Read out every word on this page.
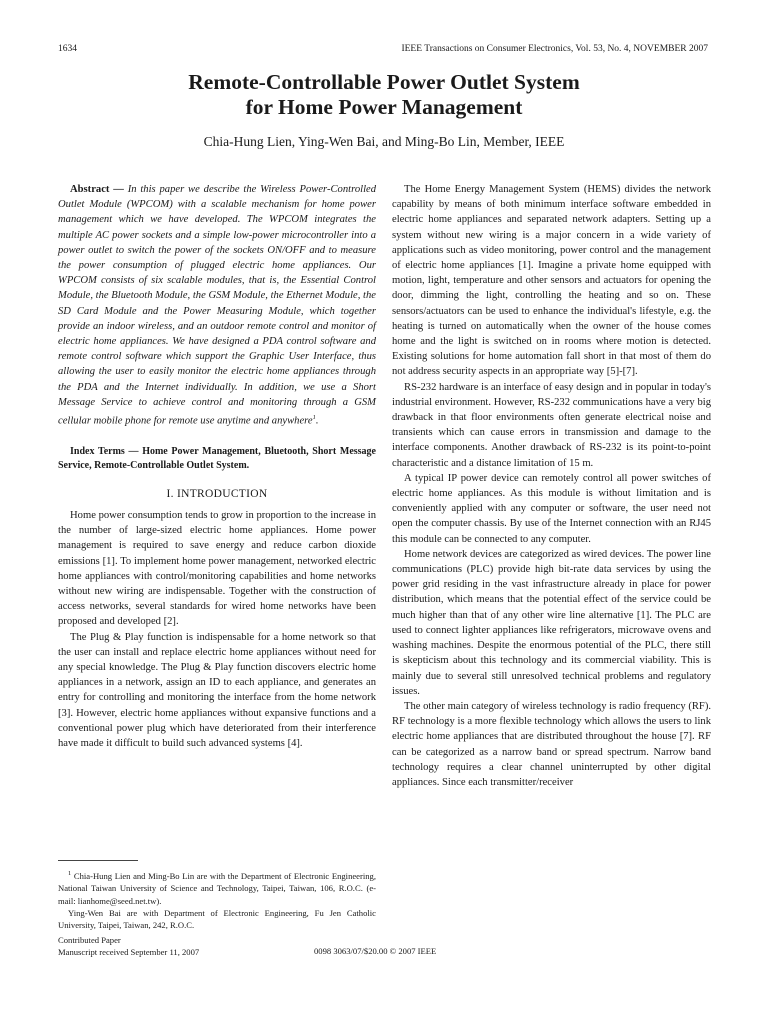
1634	IEEE Transactions on Consumer Electronics, Vol. 53, No. 4, NOVEMBER 2007
Remote-Controllable Power Outlet System
for Home Power Management
Chia-Hung Lien, Ying-Wen Bai, and Ming-Bo Lin, Member, IEEE

Abstract — In this paper we describe the Wireless Power-Controlled Outlet Module (WPCOM) with a scalable mechanism for home power management which we have developed. The WPCOM integrates the multiple AC power sockets and a simple low-power microcontroller into a power outlet to switch the power of the sockets ON/OFF and to measure the power consumption of plugged electric home appliances. Our WPCOM consists of six scalable modules, that is, the Essential Control Module, the Bluetooth Module, the GSM Module, the Ethernet Module, the SD Card Module and the Power Measuring Module, which together provide an indoor wireless, and an outdoor remote control and monitor of electric home appliances. We have designed a PDA control software and remote control software which support the Graphic User Interface, thus allowing the user to easily monitor the electric home appliances through the PDA and the Internet individually. In addition, we use a Short Message Service to achieve control and monitoring through a GSM cellular mobile phone for remote use anytime and anywhere$^1$.

Index Terms — Home Power Management, Bluetooth, Short Message Service, Remote-Controllable Outlet System.

I. INTRODUCTION

Home power consumption tends to grow in proportion to the increase in the number of large-sized electric home appliances. Home power management is required to save energy and reduce carbon dioxide emissions [1]. To implement home power management, networked electric home appliances with control/monitoring capabilities and home networks without new wiring are indispensable. Together with the construction of access networks, several standards for wired home networks have been proposed and developed [2].

The Plug & Play function is indispensable for a home network so that the user can install and replace electric home appliances without need for any special knowledge. The Plug & Play function discovers electric home appliances in a network, assign an ID to each appliance, and generates an entry for controlling and monitoring the interface from the home network [3]. However, electric home appliances without expansive functions and a conventional power plug which have deteriorated from their interference have made it difficult to build such advanced systems [4].

$^1$ Chia-Hung Lien and Ming-Bo Lin are with the Department of Electronic Engineering, National Taiwan University of Science and Technology, Taipei, Taiwan, 106, R.O.C. (e-mail: lianhome@seed.net.tw).

Ying-Wen Bai are with Department of Electronic Engineering, Fu Jen Catholic University, Taipei, Taiwan, 242, R.O.C.

Contributed Paper
Manuscript received September 11, 2007	0098 3063/07/$20.00 © 2007 IEEE

The Home Energy Management System (HEMS) divides the network capability by means of both minimum interface software embedded in electric home appliances and separated network adapters. Setting up a system without new wiring is a major concern in a wide variety of applications such as video monitoring, power control and the management of electric home appliances [1]. Imagine a private home equipped with motion, light, temperature and other sensors and actuators for opening the door, dimming the light, controlling the heating and so on. These sensors/actuators can be used to enhance the individual's lifestyle, e.g. the heating is turned on automatically when the owner of the house comes home and the light is switched on in rooms where motion is detected. Existing solutions for home automation fall short in that most of them do not address security aspects in an appropriate way [5]-[7].

RS-232 hardware is an interface of easy design and in popular in today's industrial environment. However, RS-232 communications have a very big drawback in that floor environments often generate electrical noise and transients which can cause errors in transmission and damage to the interface components. Another drawback of RS-232 is its point-to-point characteristic and a distance limitation of 15 m.

A typical IP power device can remotely control all power switches of electric home appliances. As this module is without limitation and is conveniently applied with any computer or software, the user need not open the computer chassis. By use of the Internet connection with an RJ45 this module can be connected to any computer.

Home network devices are categorized as wired devices. The power line communications (PLC) provide high bit-rate data services by using the power grid residing in the vast infrastructure already in place for power distribution, which means that the potential effect of the service could be much higher than that of any other wire line alternative [1]. The PLC are used to connect lighter appliances like refrigerators, microwave ovens and washing machines. Despite the enormous potential of the PLC, there still is skepticism about this technology and its commercial viability. This is mainly due to several still unresolved technical problems and regulatory issues.

The other main category of wireless technology is radio frequency (RF). RF technology is a more flexible technology which allows the users to link electric home appliances that are distributed throughout the house [7]. RF can be categorized as a narrow band or spread spectrum. Narrow band technology requires a clear channel uninterrupted by other digital appliances. Since each transmitter/receiver
